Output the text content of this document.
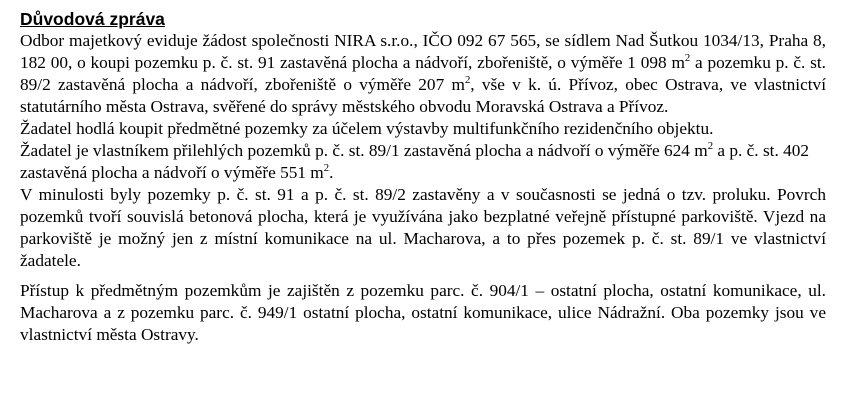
Důvodová zpráva

Odbor majetkový eviduje žádost společnosti NIRA s.r.o., IČO 092 67 565, se sídlem Nad Šutkou 1034/13, Praha 8, 182 00, o koupi pozemku p. č. st. 91 zastavěná plocha a nádvoří, zbořeniště, o výměře 1 098 $m^2$ a pozemku p. č. st. 89/2 zastavěná plocha a nádvoří, zbořeniště o výměře 207 $m^2$, vše v k. ú. Přívoz, obec Ostrava, ve vlastnictví statutárního města Ostrava, svěřené do správy městského obvodu Moravská Ostrava a Přívoz.

Žadatel hodlá koupit předmětné pozemky za účelem výstavby multifunkčního rezidenčního objektu.

Žadatel je vlastníkem přilehlých pozemků p. č. st. 89/1 zastavěná plocha a nádvoří o výměře 624 $m^2$ a p. č. st. 402 zastavěná plocha a nádvoří o výměře 551 $m^2$.

V minulosti byly pozemky p. č. st. 91 a p. č. st. 89/2 zastavěny a v současnosti se jedná o tzv. proluku. Povrch pozemků tvoří souvislá betonová plocha, která je využívána jako bezplatné veřejně přístupné parkoviště. Vjezd na parkoviště je možný jen z místní komunikace na ul. Macharova, a to přes pozemek p. č. st. 89/1 ve vlastnictví žadatele.

Přístup k předmětným pozemkům je zajištěn z pozemku parc. č. 904/1 – ostatní plocha, ostatní komunikace, ul. Macharova a z pozemku parc. č. 949/1 ostatní plocha, ostatní komunikace, ulice Nádražní. Oba pozemky jsou ve vlastnictví města Ostravy.
